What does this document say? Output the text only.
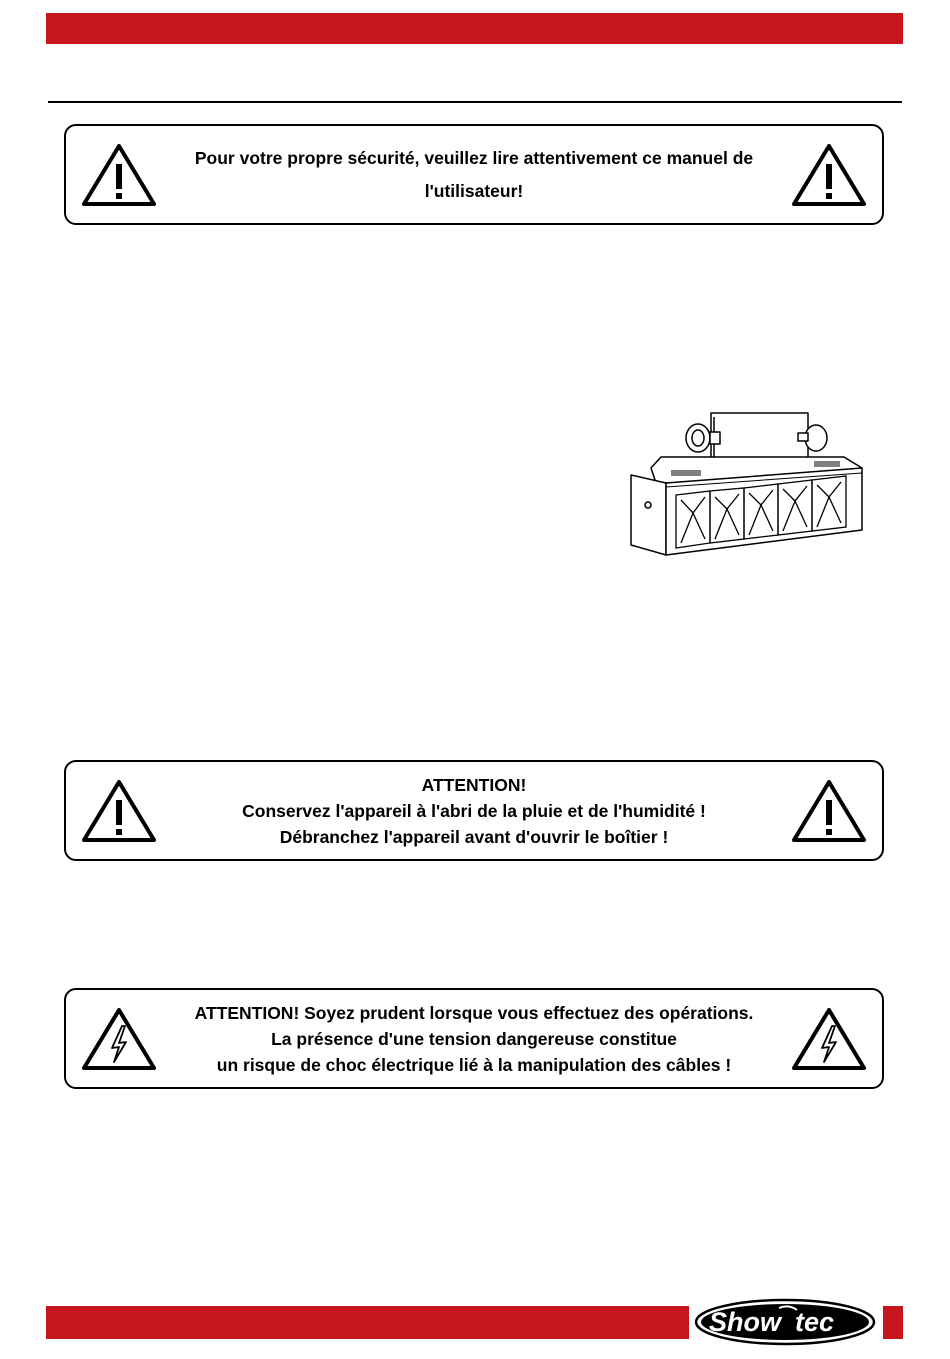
Pour votre propre sécurité, veuillez lire attentivement ce manuel de
l'utilisateur!
ATTENTION!
Conservez l'appareil à l'abri de la pluie et de l'humidité !
Débranchez l'appareil avant d'ouvrir le boîtier !
ATTENTION! Soyez prudent lorsque vous effectuez des opérations.
La présence d'une tension dangereuse constitue
un risque de choc électrique lié à la manipulation des câbles !
Show tec
